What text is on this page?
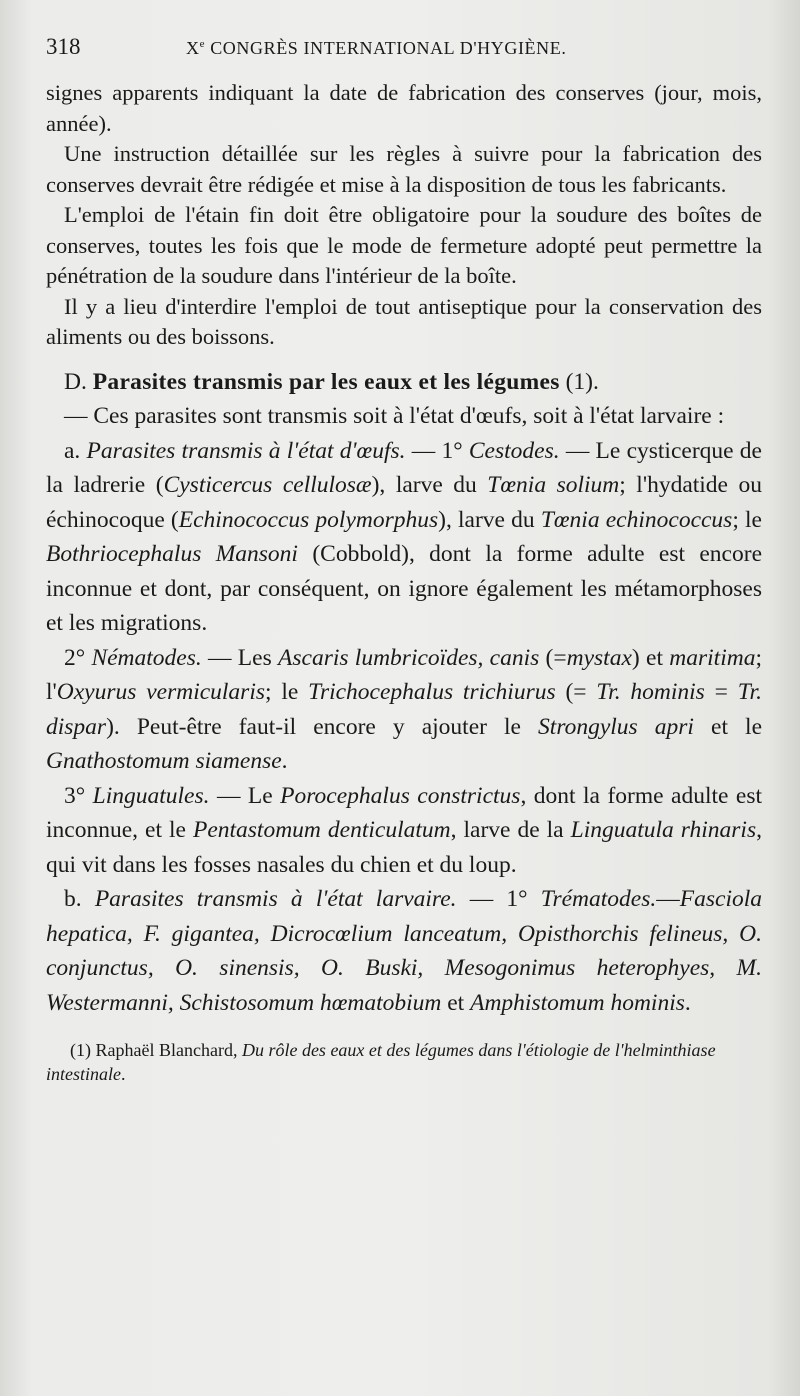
318	Xe CONGRÈS INTERNATIONAL D'HYGIÈNE.

signes apparents indiquant la date de fabrication des conserves (jour, mois, année).

Une instruction détaillée sur les règles à suivre pour la fabrication des conserves devrait être rédigée et mise à la disposition de tous les fabricants.

L'emploi de l'étain fin doit être obligatoire pour la soudure des boîtes de conserves, toutes les fois que le mode de fermeture adopté peut permettre la pénétration de la soudure dans l'intérieur de la boîte.

Il y a lieu d'interdire l'emploi de tout antiseptique pour la conservation des aliments ou des boissons.

D. Parasites transmis par les eaux et les légumes (1).

— Ces parasites sont transmis soit à l'état d'œufs, soit à l'état larvaire :

a. Parasites transmis à l'état d'œufs. — 1° Cestodes. — Le cysticerque de la ladrerie (Cysticercus cellulosæ), larve du Tœnia solium; l'hydatide ou échinocoque (Echinococcus polymorphus), larve du Tœnia echinococcus; le Bothriocephalus Mansoni (Cobbold), dont la forme adulte est encore inconnue et dont, par conséquent, on ignore également les métamorphoses et les migrations.

2° Nématodes. — Les Ascaris lumbricoïdes, canis (=mystax) et maritima; l'Oxyurus vermicularis; le Trichocephalus trichiurus (= Tr. hominis = Tr. dispar). Peut-être faut-il encore y ajouter le Strongylus apri et le Gnathostomum siamense.

3° Linguatules. — Le Porocephalus constrictus, dont la forme adulte est inconnue, et le Pentastomum denticulatum, larve de la Linguatula rhinaris, qui vit dans les fosses nasales du chien et du loup.

b. Parasites transmis à l'état larvaire. — 1° Trématodes.—Fasciola hepatica, F. gigantea, Dicrocœlium lanceatum, Opisthorchis felineus, O. conjunctus, O. sinensis, O. Buski, Mesogonimus heterophyes, M. Westermanni, Schistosomum hœmatobium et Amphistomum hominis.

(1) Raphaël Blanchard, Du rôle des eaux et des légumes dans l'étiologie de l'helminthiase intestinale.
